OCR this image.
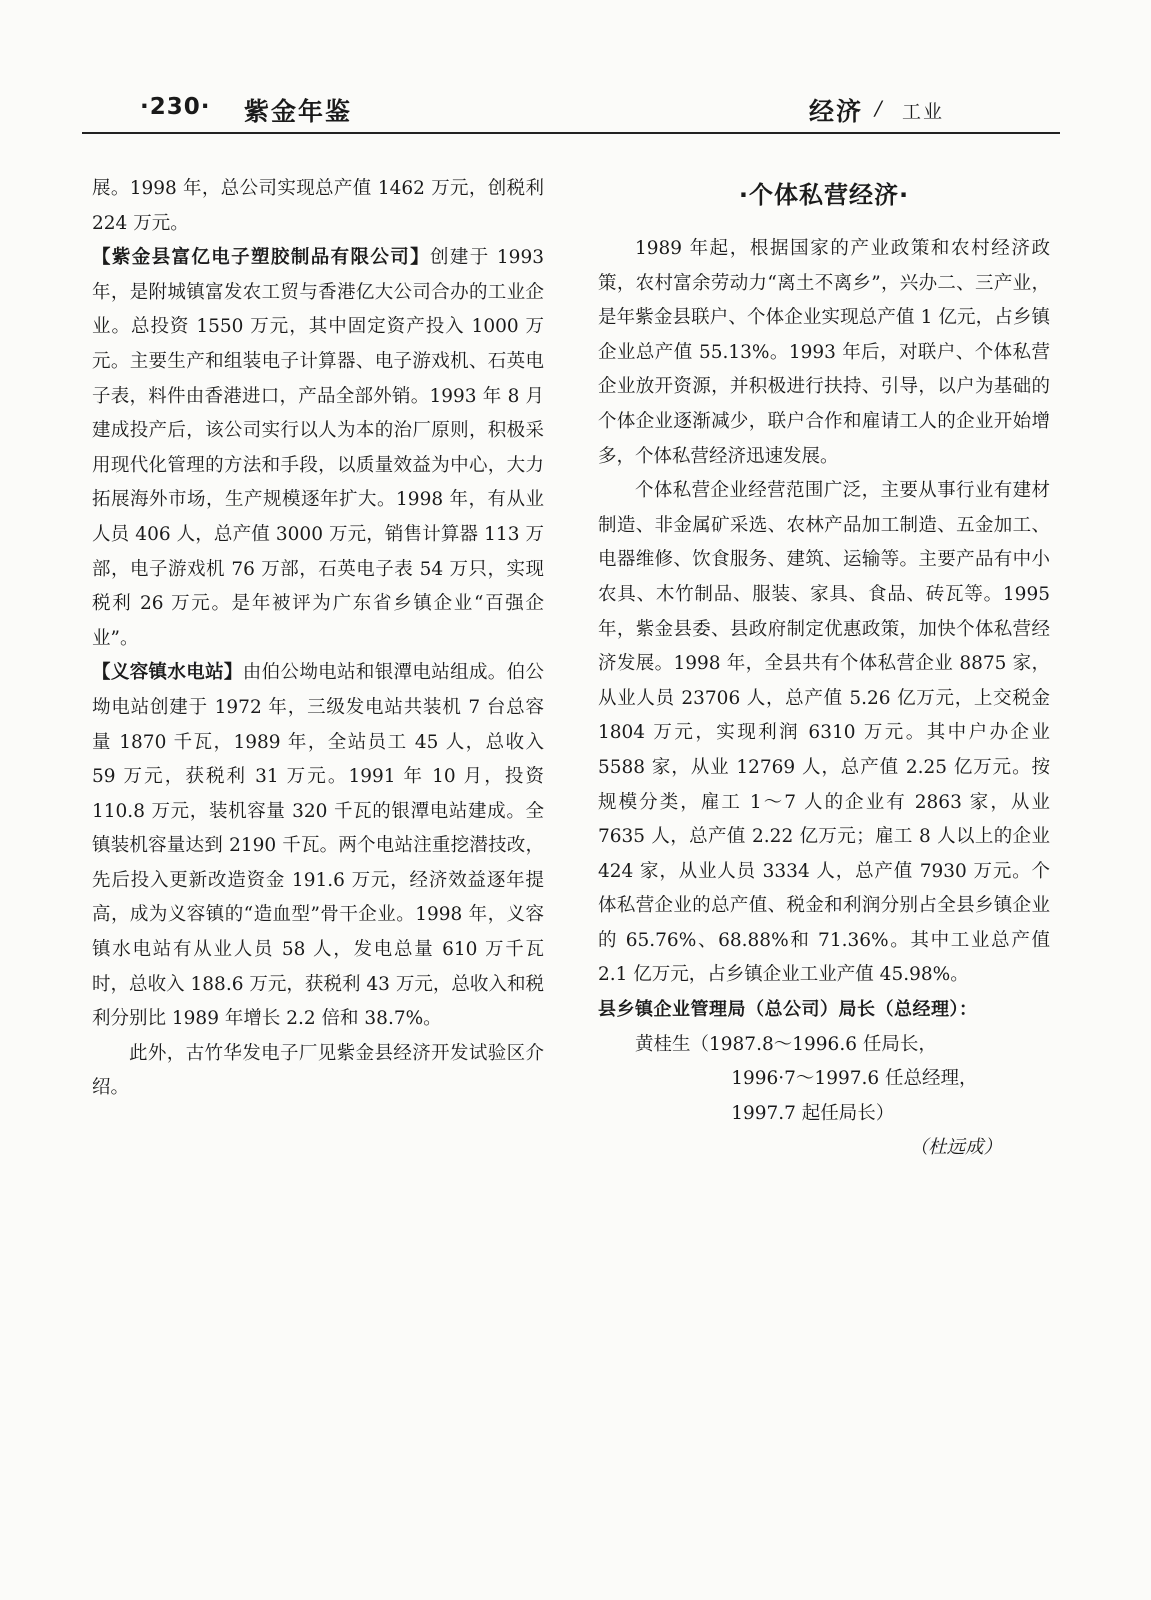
·230· 紫金年鉴	经济 / 工业

展。1998 年，总公司实现总产值 1462 万元，创税利 224 万元。

【紫金县富亿电子塑胶制品有限公司】创建于 1993 年，是附城镇富发农工贸与香港亿大公司合办的工业企业。总投资 1550 万元，其中固定资产投入 1000 万元。主要生产和组装电子计算器、电子游戏机、石英电子表，料件由香港进口，产品全部外销。1993 年 8 月建成投产后，该公司实行以人为本的治厂原则，积极采用现代化管理的方法和手段，以质量效益为中心，大力拓展海外市场，生产规模逐年扩大。1998 年，有从业人员 406 人，总产值 3000 万元，销售计算器 113 万部，电子游戏机 76 万部，石英电子表 54 万只，实现税利 26 万元。是年被评为广东省乡镇企业“百强企业”。

【义容镇水电站】由伯公坳电站和银潭电站组成。伯公坳电站创建于 1972 年，三级发电站共装机 7 台总容量 1870 千瓦，1989 年，全站员工 45 人，总收入 59 万元，获税利 31 万元。1991 年 10 月，投资 110.8 万元，装机容量 320 千瓦的银潭电站建成。全镇装机容量达到 2190 千瓦。两个电站注重挖潜技改，先后投入更新改造资金 191.6 万元，经济效益逐年提高，成为义容镇的“造血型”骨干企业。1998 年，义容镇水电站有从业人员 58 人，发电总量 610 万千瓦时，总收入 188.6 万元，获税利 43 万元，总收入和税利分别比 1989 年增长 2.2 倍和 38.7%。

此外，古竹华发电子厂见紫金县经济开发试验区介绍。

·个体私营经济·

1989 年起，根据国家的产业政策和农村经济政策，农村富余劳动力“离土不离乡”，兴办二、三产业，是年紫金县联户、个体企业实现总产值 1 亿元，占乡镇企业总产值 55.13%。1993 年后，对联户、个体私营企业放开资源，并积极进行扶持、引导，以户为基础的个体企业逐渐减少，联户合作和雇请工人的企业开始增多，个体私营经济迅速发展。

个体私营企业经营范围广泛，主要从事行业有建材制造、非金属矿采选、农林产品加工制造、五金加工、电器维修、饮食服务、建筑、运输等。主要产品有中小农具、木竹制品、服装、家具、食品、砖瓦等。1995 年，紫金县委、县政府制定优惠政策，加快个体私营经济发展。1998 年，全县共有个体私营企业 8875 家，从业人员 23706 人，总产值 5.26 亿万元，上交税金 1804 万元，实现利润 6310 万元。其中户办企业 5588 家，从业 12769 人，总产值 2.25 亿万元。按规模分类，雇工 1～7 人的企业有 2863 家，从业 7635 人，总产值 2.22 亿万元；雇工 8 人以上的企业 424 家，从业人员 3334 人，总产值 7930 万元。个体私营企业的总产值、税金和利润分别占全县乡镇企业的 65.76%、68.88%和 71.36%。其中工业总产值 2.1 亿万元，占乡镇企业工业产值 45.98%。

县乡镇企业管理局（总公司）局长（总经理）：

黄桂生（1987.8～1996.6 任局长，

1996·7～1997.6 任总经理，

1997.7 起任局长）

（杜远成）
